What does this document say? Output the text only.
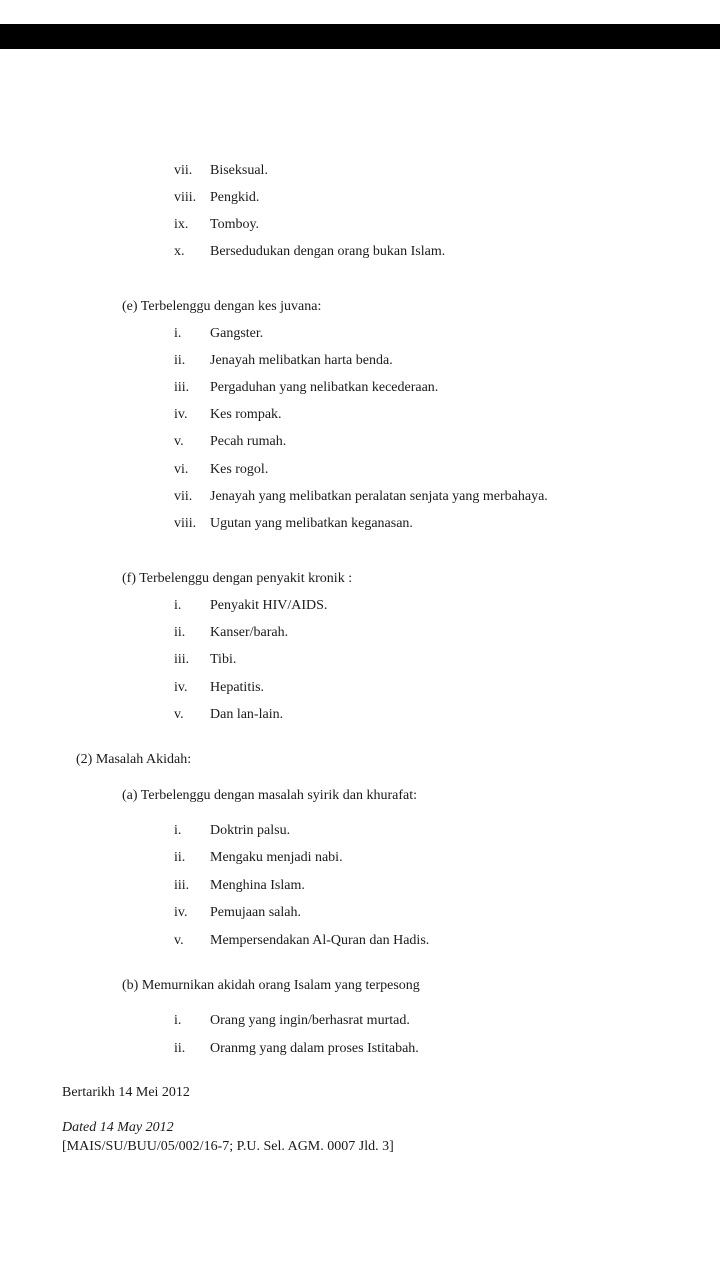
vii. Biseksual.
viii. Pengkid.
ix. Tomboy.
x. Bersedudukan dengan orang bukan Islam.
(e) Terbelenggu dengan kes juvana:
i. Gangster.
ii. Jenayah melibatkan harta benda.
iii. Pergaduhan yang nelibatkan kecederaan.
iv. Kes rompak.
v. Pecah rumah.
vi. Kes rogol.
vii. Jenayah yang melibatkan peralatan senjata yang merbahaya.
viii. Ugutan yang melibatkan keganasan.
(f) Terbelenggu dengan penyakit kronik :
i. Penyakit HIV/AIDS.
ii. Kanser/barah.
iii. Tibi.
iv. Hepatitis.
v. Dan lan-lain.
(2) Masalah Akidah:
(a) Terbelenggu dengan masalah syirik dan khurafat:
i. Doktrin palsu.
ii. Mengaku menjadi nabi.
iii. Menghina Islam.
iv. Pemujaan salah.
v. Mempersendakan Al-Quran dan Hadis.
(b) Memurnikan akidah orang Isalam yang terpesong
i. Orang yang ingin/berhasrat murtad.
ii. Oranmg yang dalam proses Istitabah.
Bertarikh 14 Mei 2012
Dated 14 May 2012
[MAIS/SU/BUU/05/002/16-7; P.U. Sel. AGM. 0007 Jld. 3]
